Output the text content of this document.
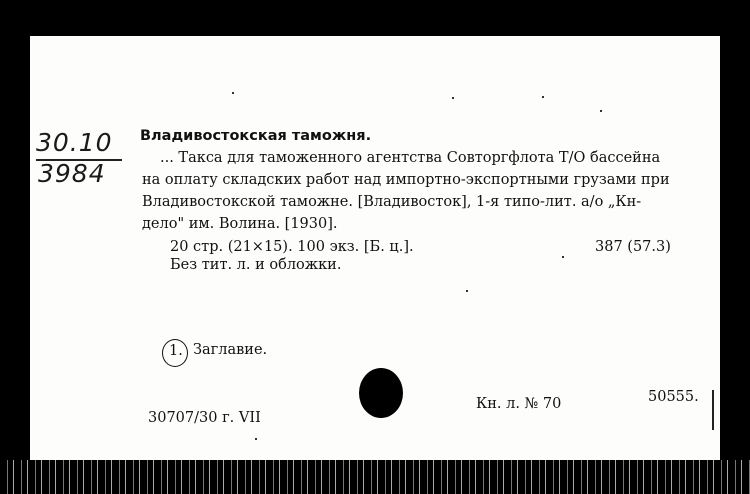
30.10
3984
Владивостокская таможня.
... Такса для таможенного агентства Совторгфлота Т/О бассейна
на оплату складских работ над импортно-экспортными грузами при
Владивостокской таможне. [Владивосток], 1-я типо-лит. а/о „Кн-
дело" им. Волина. [1930].
20 стр. (21×15). 100 экз. [Б. ц.].	387 (57.3)
Без тит. л. и обложки.
1. Заглавие.
30707/30 г. VII
Кн. л. № 70	50555.
